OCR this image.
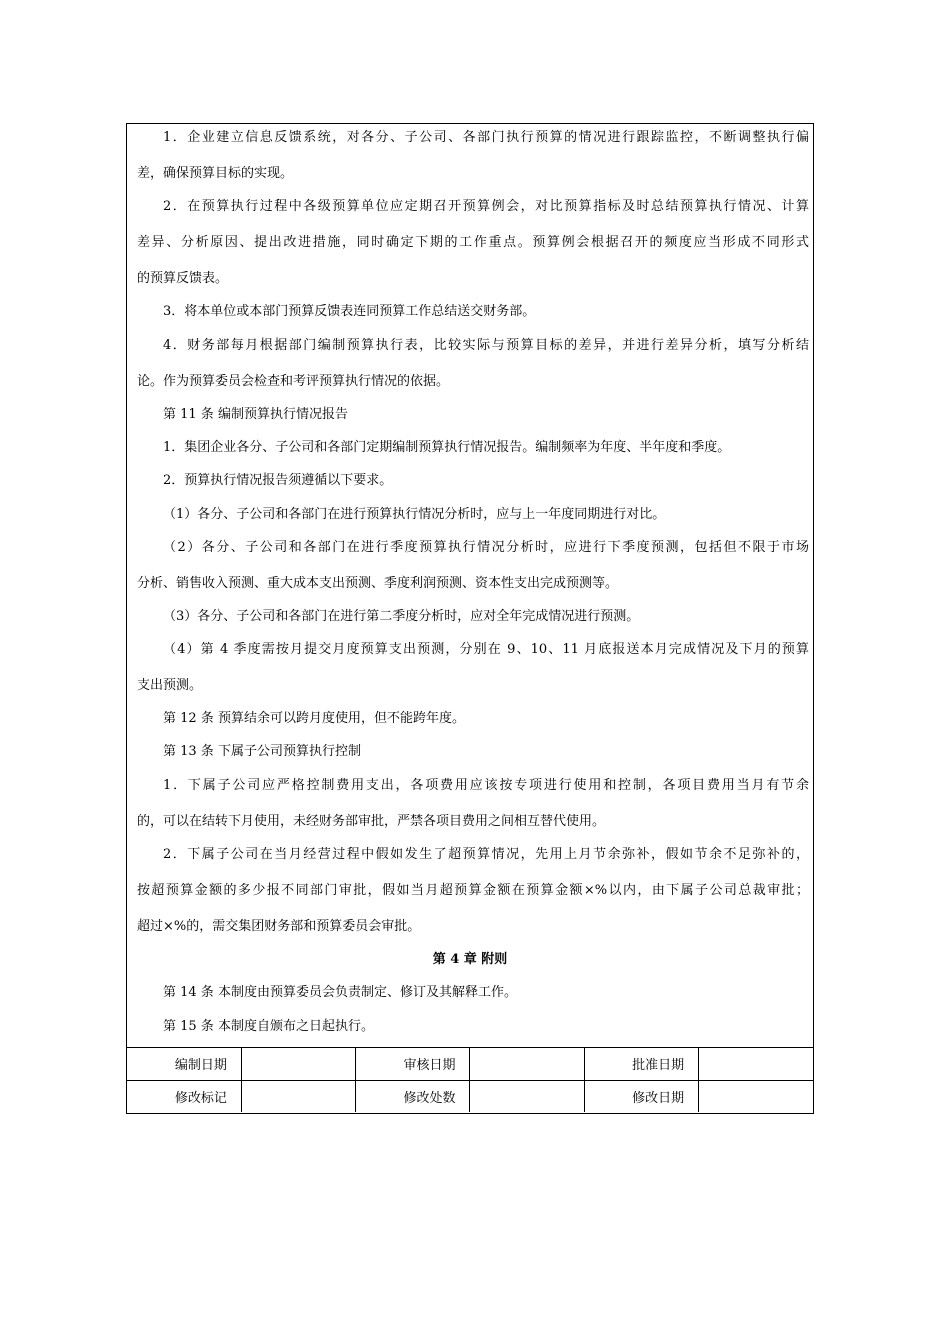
1．企业建立信息反馈系统，对各分、子公司、各部门执行预算的情况进行跟踪监控，不断调整执行偏
差，确保预算目标的实现。
2．在预算执行过程中各级预算单位应定期召开预算例会，对比预算指标及时总结预算执行情况、计算
差异、分析原因、提出改进措施，同时确定下期的工作重点。预算例会根据召开的频度应当形成不同形式
的预算反馈表。
3．将本单位或本部门预算反馈表连同预算工作总结送交财务部。
4．财务部每月根据部门编制预算执行表，比较实际与预算目标的差异，并进行差异分析，填写分析结
论。作为预算委员会检查和考评预算执行情况的依据。
第 11 条 编制预算执行情况报告
1．集团企业各分、子公司和各部门定期编制预算执行情况报告。编制频率为年度、半年度和季度。
2．预算执行情况报告须遵循以下要求。
（1）各分、子公司和各部门在进行预算执行情况分析时，应与上一年度同期进行对比。
（2）各分、子公司和各部门在进行季度预算执行情况分析时，应进行下季度预测，包括但不限于市场
分析、销售收入预测、重大成本支出预测、季度利润预测、资本性支出完成预测等。
（3）各分、子公司和各部门在进行第二季度分析时，应对全年完成情况进行预测。
（4）第 4 季度需按月提交月度预算支出预测，分别在 9、10、11 月底报送本月完成情况及下月的预算
支出预测。
第 12 条 预算结余可以跨月度使用，但不能跨年度。
第 13 条 下属子公司预算执行控制
1．下属子公司应严格控制费用支出，各项费用应该按专项进行使用和控制，各项目费用当月有节余
的，可以在结转下月使用，未经财务部审批，严禁各项目费用之间相互替代使用。
2．下属子公司在当月经营过程中假如发生了超预算情况，先用上月节余弥补，假如节余不足弥补的，
按超预算金额的多少报不同部门审批，假如当月超预算金额在预算金额×%以内，由下属子公司总裁审批；
超过×%的，需交集团财务部和预算委员会审批。
第 4 章 附则
第 14 条 本制度由预算委员会负责制定、修订及其解释工作。
第 15 条 本制度自颁布之日起执行。
编制日期		审核日期		批准日期	
修改标记		修改处数		修改日期	
